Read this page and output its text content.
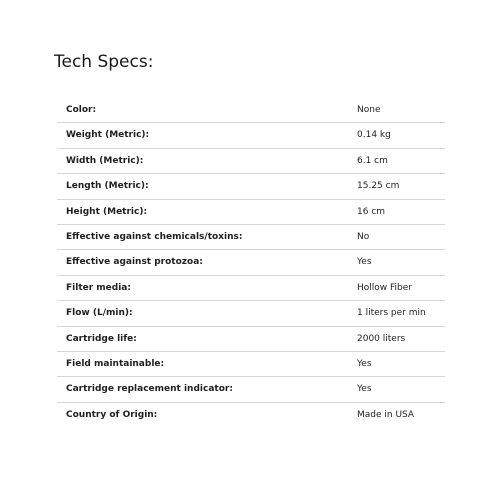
Tech Specs:
Color:	None
Weight (Metric):	0.14 kg
Width (Metric):	6.1 cm
Length (Metric):	15.25 cm
Height (Metric):	16 cm
Effective against chemicals/toxins:	No
Effective against protozoa:	Yes
Filter media:	Hollow Fiber
Flow (L/min):	1 liters per min
Cartridge life:	2000 liters
Field maintainable:	Yes
Cartridge replacement indicator:	Yes
Country of Origin:	Made in USA
